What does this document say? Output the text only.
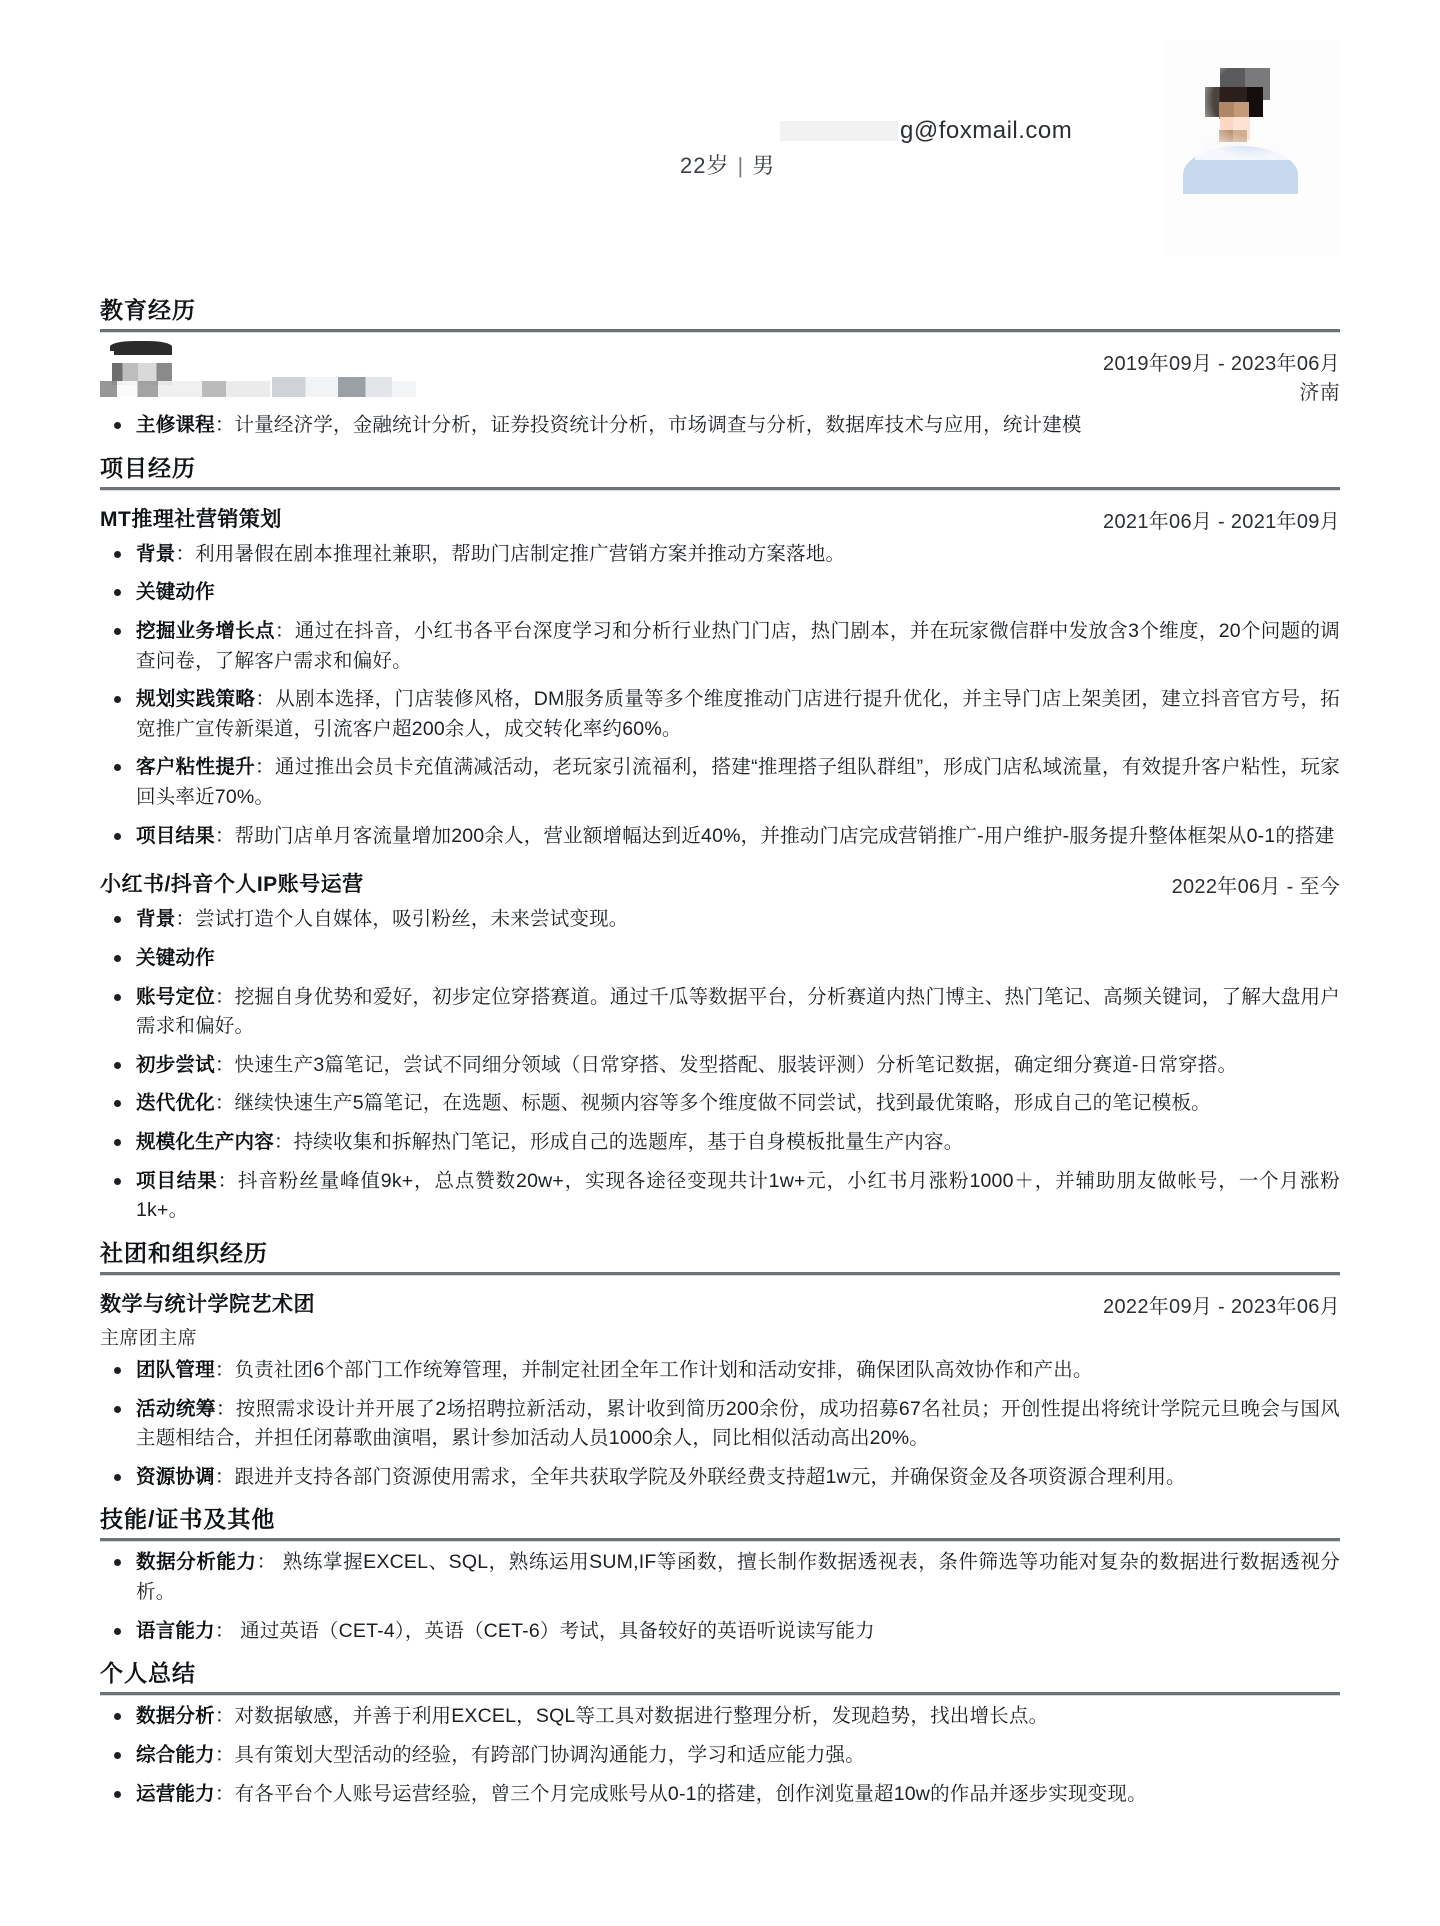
g@foxmail.com
22岁 | 男
教育经历
2019年09月 - 2023年06月
济南
主修课程：计量经济学，金融统计分析，证券投资统计分析，市场调查与分析，数据库技术与应用，统计建模
项目经历
MT推理社营销策划	2021年06月 - 2021年09月
背景：利用暑假在剧本推理社兼职，帮助门店制定推广营销方案并推动方案落地。
关键动作
挖掘业务增长点：通过在抖音，小红书各平台深度学习和分析行业热门门店，热门剧本，并在玩家微信群中发放含3个维度，20个问题的调查问卷，了解客户需求和偏好。
规划实践策略：从剧本选择，门店装修风格，DM服务质量等多个维度推动门店进行提升优化，并主导门店上架美团，建立抖音官方号，拓宽推广宣传新渠道，引流客户超200余人，成交转化率约60%。
客户粘性提升：通过推出会员卡充值满减活动，老玩家引流福利，搭建“推理搭子组队群组”，形成门店私域流量，有效提升客户粘性，玩家回头率近70%。
项目结果：帮助门店单月客流量增加200余人，营业额增幅达到近40%，并推动门店完成营销推广-用户维护-服务提升整体框架从0-1的搭建
小红书/抖音个人IP账号运营	2022年06月 - 至今
背景：尝试打造个人自媒体，吸引粉丝，未来尝试变现。
关键动作
账号定位：挖掘自身优势和爱好，初步定位穿搭赛道。通过千瓜等数据平台，分析赛道内热门博主、热门笔记、高频关键词，了解大盘用户需求和偏好。
初步尝试：快速生产3篇笔记，尝试不同细分领域（日常穿搭、发型搭配、服装评测）分析笔记数据，确定细分赛道-日常穿搭。
迭代优化：继续快速生产5篇笔记，在选题、标题、视频内容等多个维度做不同尝试，找到最优策略，形成自己的笔记模板。
规模化生产内容：持续收集和拆解热门笔记，形成自己的选题库，基于自身模板批量生产内容。
项目结果：抖音粉丝量峰值9k+，总点赞数20w+，实现各途径变现共计1w+元，小红书月涨粉1000＋，并辅助朋友做帐号，一个月涨粉1k+。
社团和组织经历
数学与统计学院艺术团	2022年09月 - 2023年06月
主席团主席
团队管理：负责社团6个部门工作统筹管理，并制定社团全年工作计划和活动安排，确保团队高效协作和产出。
活动统筹：按照需求设计并开展了2场招聘拉新活动，累计收到简历200余份，成功招募67名社员；开创性提出将统计学院元旦晚会与国风主题相结合，并担任闭幕歌曲演唱，累计参加活动人员1000余人，同比相似活动高出20%。
资源协调：跟进并支持各部门资源使用需求，全年共获取学院及外联经费支持超1w元，并确保资金及各项资源合理利用。
技能/证书及其他
数据分析能力： 熟练掌握EXCEL、SQL，熟练运用SUM,IF等函数，擅长制作数据透视表，条件筛选等功能对复杂的数据进行数据透视分析。
语言能力： 通过英语（CET-4），英语（CET-6）考试，具备较好的英语听说读写能力
个人总结
数据分析：对数据敏感，并善于利用EXCEL，SQL等工具对数据进行整理分析，发现趋势，找出增长点。
综合能力：具有策划大型活动的经验，有跨部门协调沟通能力，学习和适应能力强。
运营能力：有各平台个人账号运营经验，曾三个月完成账号从0-1的搭建，创作浏览量超10w的作品并逐步实现变现。
